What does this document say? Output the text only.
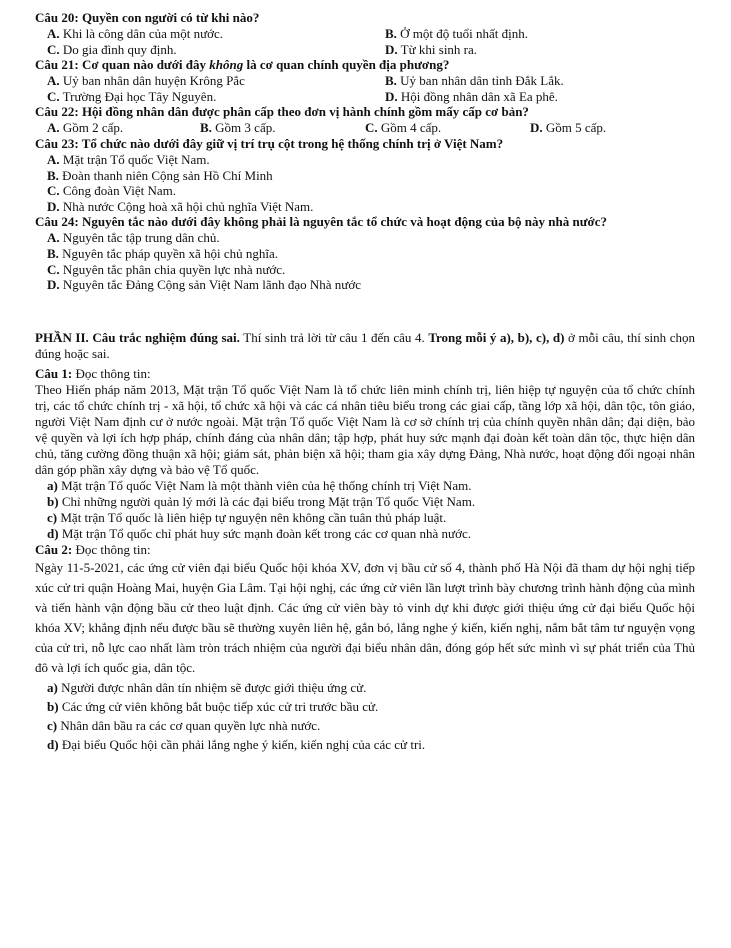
Câu 20: Quyền con người có từ khi nào?
A. Khi là công dân của một nước.	B. Ở một độ tuổi nhất định.
C. Do gia đình quy định.	D. Từ khi sinh ra.
Câu 21: Cơ quan nào dưới đây không là cơ quan chính quyền địa phương?
A. Uỷ ban nhân dân huyện Krông Pắc	B. Uỷ ban nhân dân tỉnh Đắk Lắk.
C. Trường Đại học Tây Nguyên.	D. Hội đồng nhân dân xã Ea phê.
Câu 22: Hội đồng nhân dân được phân cấp theo đơn vị hành chính gồm mấy cấp cơ bản?
A. Gồm 2 cấp.	B. Gồm 3 cấp.	C. Gồm 4 cấp.	D. Gồm 5 cấp.
Câu 23: Tổ chức nào dưới đây giữ vị trí trụ cột trong hệ thống chính trị ở Việt Nam?
A. Mặt trận Tổ quốc Việt Nam.
B. Đoàn thanh niên Cộng sản Hồ Chí Minh
C. Công đoàn Việt Nam.
D. Nhà nước Cộng hoà xã hội chủ nghĩa Việt Nam.
Câu 24: Nguyên tắc nào dưới đây không phải là nguyên tắc tổ chức và hoạt động của bộ này nhà nước?
A. Nguyên tắc tập trung dân chủ.
B. Nguyên tắc pháp quyền xã hội chủ nghĩa.
C. Nguyên tắc phân chia quyền lực nhà nước.
D. Nguyên tắc Đảng Cộng sản Việt Nam lãnh đạo Nhà nước
PHẦN II. Câu trắc nghiệm đúng sai. Thí sinh trả lời từ câu 1 đến câu 4. Trong mỗi ý a), b), c), d) ở mỗi câu, thí sinh chọn đúng hoặc sai.
Câu 1: Đọc thông tin:
Theo Hiến pháp năm 2013, Mặt trận Tổ quốc Việt Nam là tổ chức liên minh chính trị, liên hiệp tự nguyện của tổ chức chính trị, các tổ chức chính trị - xã hội, tổ chức xã hội và các cá nhân tiêu biểu trong các giai cấp, tầng lớp xã hội, dân tộc, tôn giáo, người Việt Nam định cư ở nước ngoài. Mặt trận Tổ quốc Việt Nam là cơ sở chính trị của chính quyền nhân dân; đại diện, bảo vệ quyền và lợi ích hợp pháp, chính đáng của nhân dân; tập hợp, phát huy sức mạnh đại đoàn kết toàn dân tộc, thực hiện dân chủ, tăng cường đồng thuận xã hội; giám sát, phản biện xã hội; tham gia xây dựng Đảng, Nhà nước, hoạt động đối ngoại nhân dân góp phần xây dựng và bảo vệ Tổ quốc.
a) Mặt trận Tổ quốc Việt Nam là một thành viên của hệ thống chính trị Việt Nam.
b) Chỉ những người quản lý mới là các đại biểu trong Mặt trận Tổ quốc Việt Nam.
c) Mặt trận Tổ quốc là liên hiệp tự nguyện nên không cần tuân thủ pháp luật.
d) Mặt trận Tổ quốc chỉ phát huy sức mạnh đoàn kết trong các cơ quan nhà nước.
Câu 2: Đọc thông tin:
Ngày 11-5-2021, các ứng cử viên đại biểu Quốc hội khóa XV, đơn vị bầu cử số 4, thành phố Hà Nội đã tham dự hội nghị tiếp xúc cử tri quận Hoàng Mai, huyện Gia Lâm. Tại hội nghị, các ứng cử viên lần lượt trình bày chương trình hành động của mình và tiến hành vận động bầu cử theo luật định. Các ứng cử viên bày tỏ vinh dự khi được giới thiệu ứng cử đại biểu Quốc hội khóa XV; khẳng định nếu được bầu sẽ thường xuyên liên hệ, gắn bó, lắng nghe ý kiến, kiến nghị, nắm bắt tâm tư nguyện vọng của cử tri, nỗ lực cao nhất làm tròn trách nhiệm của người đại biểu nhân dân, đóng góp hết sức mình vì sự phát triển của Thủ đô và lợi ích quốc gia, dân tộc.
a) Người được nhân dân tín nhiệm sẽ được giới thiệu ứng cử.
b) Các ứng cử viên không bắt buộc tiếp xúc cử tri trước bầu cử.
c) Nhân dân bầu ra các cơ quan quyền lực nhà nước.
d) Đại biểu Quốc hội cần phải lắng nghe ý kiến, kiến nghị của các cử tri.
